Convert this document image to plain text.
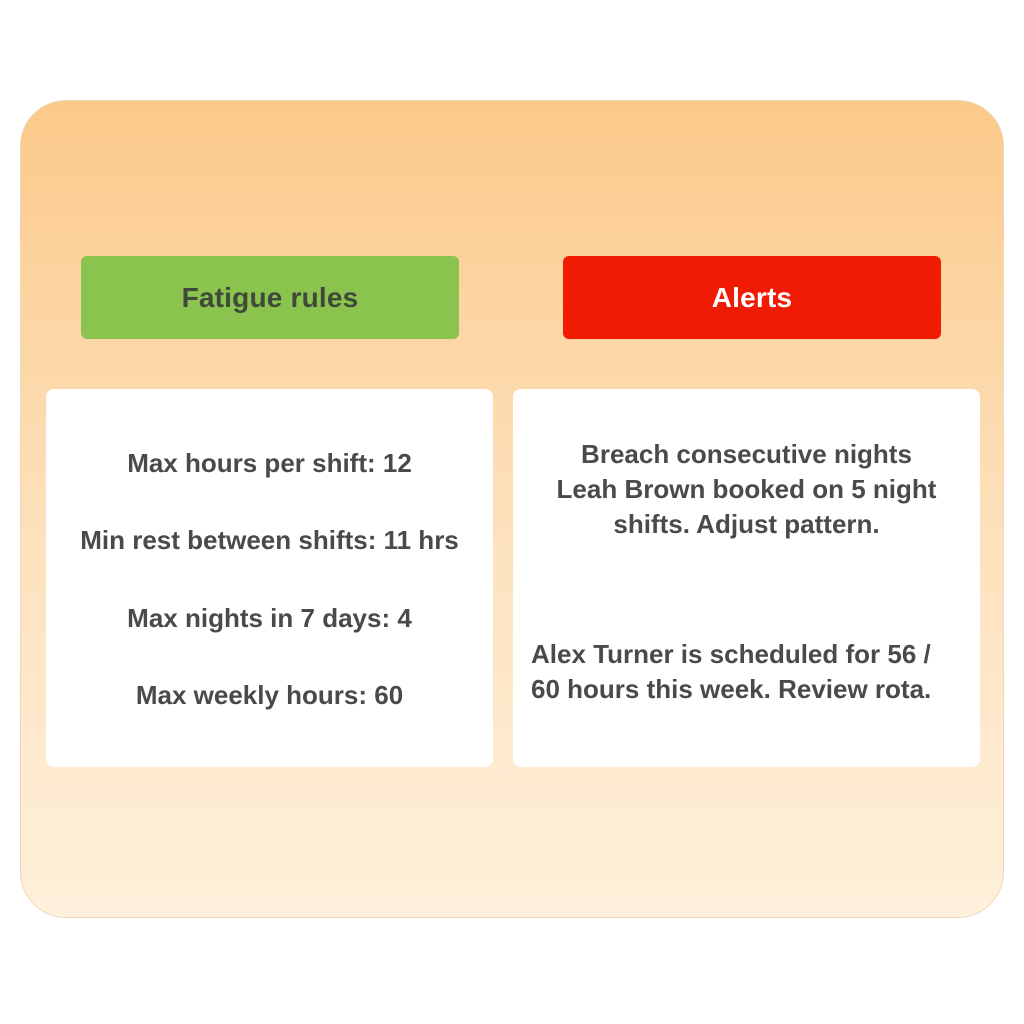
Fatigue rules	Alerts
Max hours per shift: 12
Min rest between shifts: 11 hrs
Max nights in 7 days: 4
Max weekly hours: 60
Breach consecutive nights
Leah Brown booked on 5 night
shifts. Adjust pattern.
Alex Turner is scheduled for 56 / 60 hours this week. Review rota.
